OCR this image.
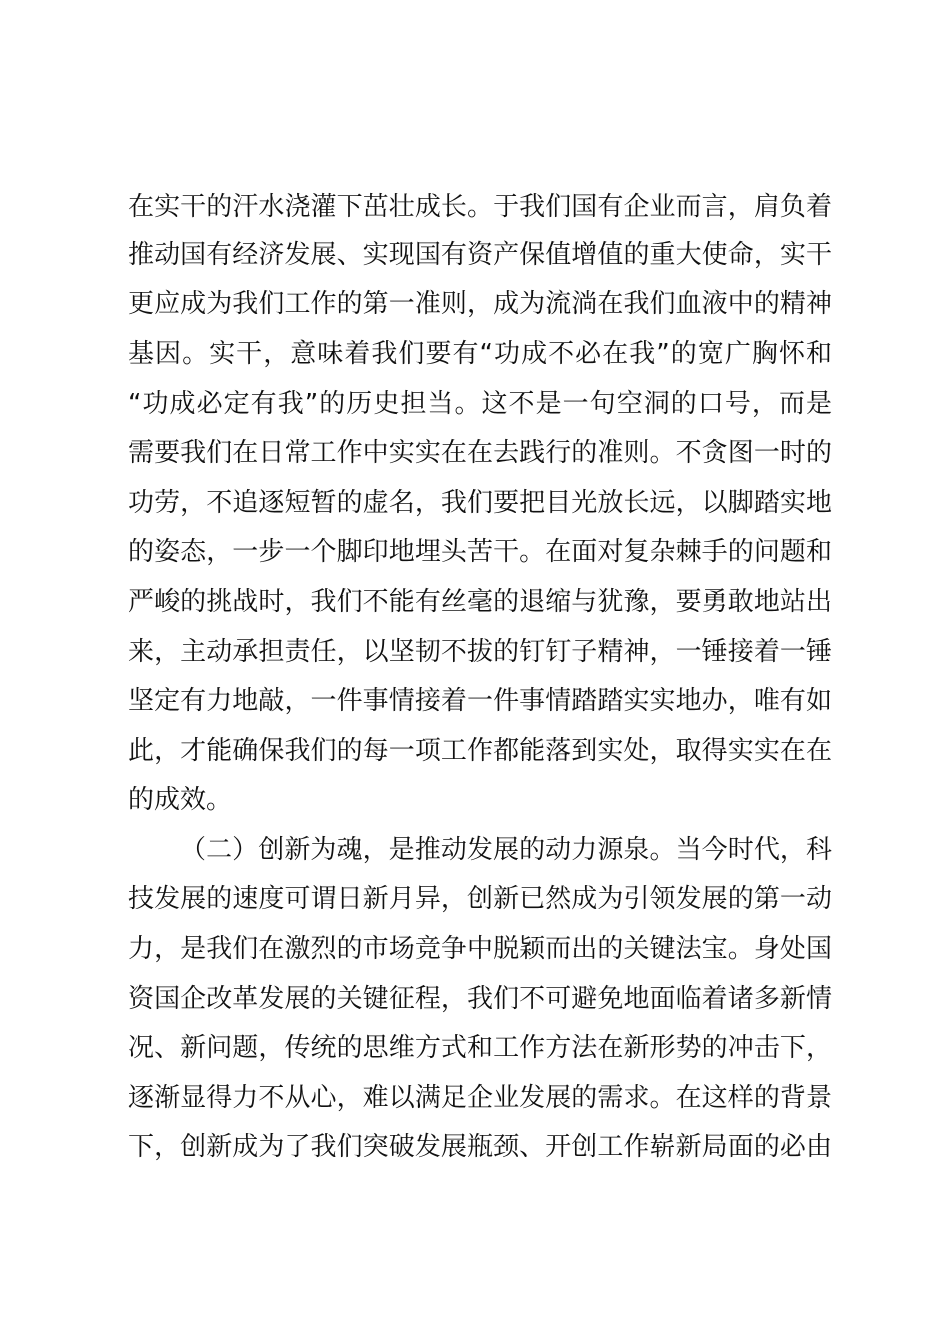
在实干的汗水浇灌下茁壮成长。于我们国有企业而言，肩负着
推动国有经济发展、实现国有资产保值增值的重大使命，实干
更应成为我们工作的第一准则，成为流淌在我们血液中的精神
基因。实干，意味着我们要有“功成不必在我”的宽广胸怀和
“功成必定有我”的历史担当。这不是一句空洞的口号，而是
需要我们在日常工作中实实在在去践行的准则。不贪图一时的
功劳，不追逐短暂的虚名，我们要把目光放长远，以脚踏实地
的姿态，一步一个脚印地埋头苦干。在面对复杂棘手的问题和
严峻的挑战时，我们不能有丝毫的退缩与犹豫，要勇敢地站出
来，主动承担责任，以坚韧不拔的钉钉子精神，一锤接着一锤
坚定有力地敲，一件事情接着一件事情踏踏实实地办，唯有如
此，才能确保我们的每一项工作都能落到实处，取得实实在在
的成效。
（二）创新为魂，是推动发展的动力源泉。当今时代，科
技发展的速度可谓日新月异，创新已然成为引领发展的第一动
力，是我们在激烈的市场竞争中脱颖而出的关键法宝。身处国
资国企改革发展的关键征程，我们不可避免地面临着诸多新情
况、新问题，传统的思维方式和工作方法在新形势的冲击下，
逐渐显得力不从心，难以满足企业发展的需求。在这样的背景
下，创新成为了我们突破发展瓶颈、开创工作崭新局面的必由
